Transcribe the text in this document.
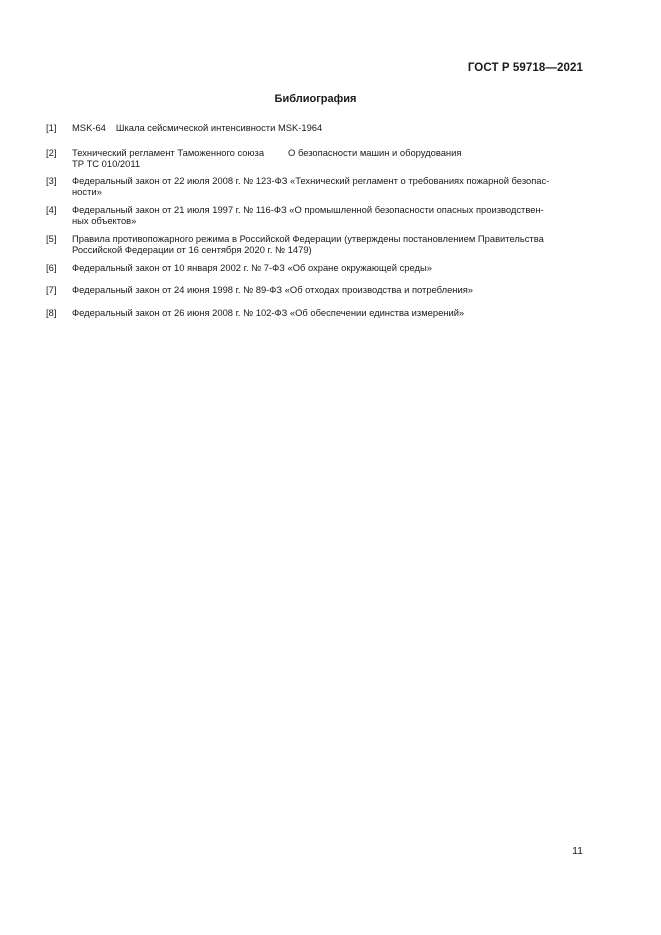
ГОСТ Р 59718—2021
Библиография
[1]	MSK-64 Шкала сейсмической интенсивности MSK-1964
[2]	Технический регламент Таможенного союза	О безопасности машин и оборудования
ТР ТС 010/2011
[3]	Федеральный закон от 22 июля 2008 г. № 123-ФЗ «Технический регламент о требованиях пожарной безопас-
ности»
[4]	Федеральный закон от 21 июля 1997 г. № 116-ФЗ «О промышленной безопасности опасных производствен-
ных объектов»
[5]	Правила противопожарного режима в Российской Федерации (утверждены постановлением Правительства
Российской Федерации от 16 сентября 2020 г. № 1479)
[6]	Федеральный закон от 10 января 2002 г. № 7-ФЗ «Об охране окружающей среды»
[7]	Федеральный закон от 24 июня 1998 г. № 89-ФЗ «Об отходах производства и потребления»
[8]	Федеральный закон от 26 июня 2008 г. № 102-ФЗ «Об обеспечении единства измерений»
11
